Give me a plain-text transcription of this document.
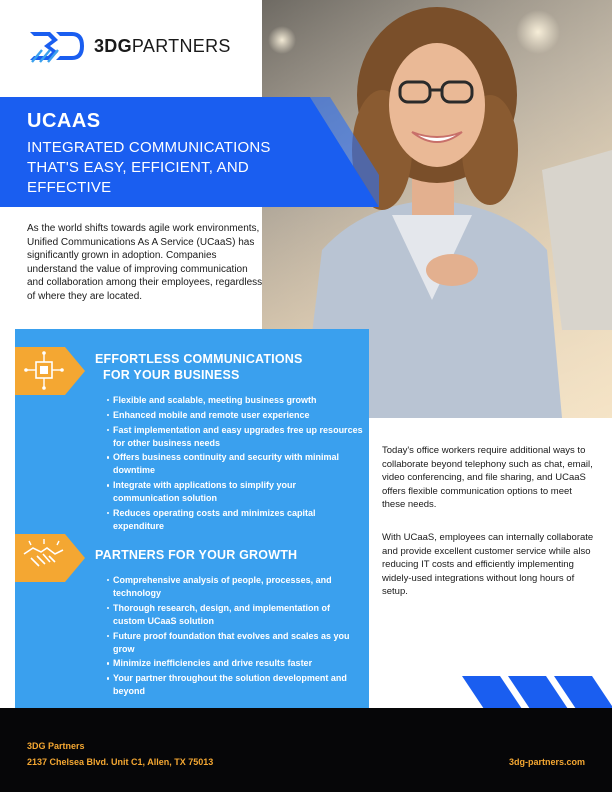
3DGPARTNERS
UCAAS
INTEGRATED COMMUNICATIONS THAT'S EASY, EFFICIENT, AND EFFECTIVE

As the world shifts towards agile work environments, Unified Communications As A Service (UCaaS) has significantly grown in adoption. Companies understand the value of improving communication and collaboration among their employees, regardless of where they are located.

EFFORTLESS COMMUNICATIONS
FOR YOUR BUSINESS
Flexible and scalable, meeting business growth
Enhanced mobile and remote user experience
Fast implementation and easy upgrades free up resources for other business needs
Offers business continuity and security with minimal downtime
Integrate with applications to simplify your communication solution
Reduces operating costs and minimizes capital expenditure
PARTNERS FOR YOUR GROWTH
Comprehensive analysis of people, processes, and technology
Thorough research, design, and implementation of custom UCaaS solution
Future proof foundation that evolves and scales as you grow
Minimize inefficiencies and drive results faster
Your partner throughout the solution development and beyond

Today's office workers require additional ways to collaborate beyond telephony such as chat, email, video conferencing, and file sharing, and UCaaS offers flexible communication options to meet these needs.

With UCaaS, employees can internally collaborate and provide excellent customer service while also reducing IT costs and efficiently implementing widely-used integrations without long hours of setup.

3DG Partners
2137 Chelsea Blvd. Unit C1, Allen, TX 75013	3dg-partners.com
